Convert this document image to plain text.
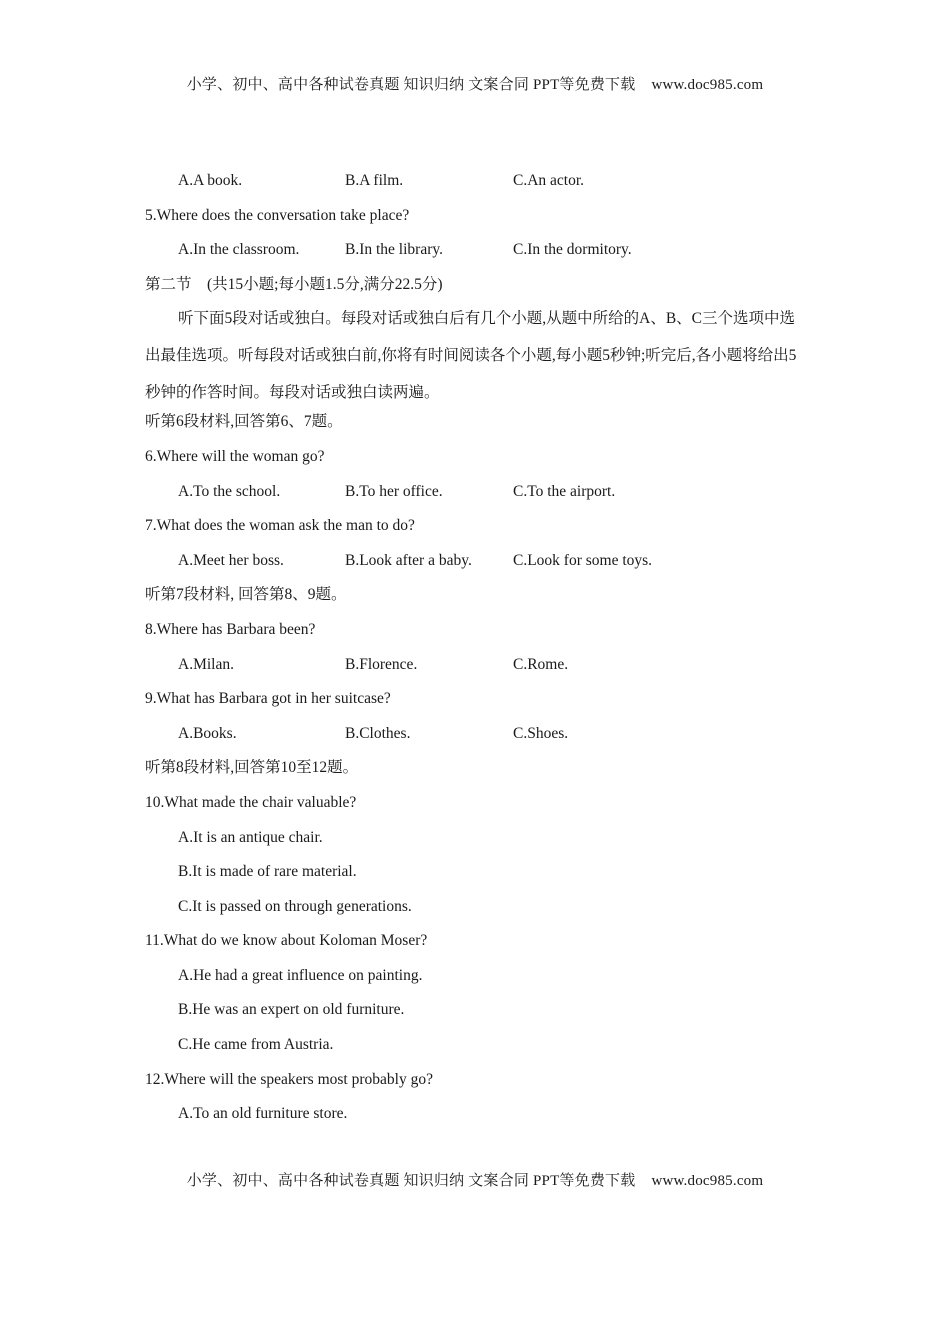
小学、初中、高中各种试卷真题 知识归纳 文案合同 PPT等免费下载 www.doc985.com
A.A book.	B.A film.	C.An actor.
5.Where does the conversation take place?
A.In the classroom.	B.In the library.	C.In the dormitory.
第二节　(共15小题;每小题1.5分,满分22.5分)
听下面5段对话或独白。每段对话或独白后有几个小题,从题中所给的A、B、C三个选项中选出最佳选项。听每段对话或独白前,你将有时间阅读各个小题,每小题5秒钟;听完后,各小题将给出5秒钟的作答时间。每段对话或独白读两遍。
听第6段材料,回答第6、7题。
6.Where will the woman go?
A.To the school.	B.To her office.	C.To the airport.
7.What does the woman ask the man to do?
A.Meet her boss.	B.Look after a baby.	C.Look for some toys.
听第7段材料, 回答第8、9题。
8.Where has Barbara been?
A.Milan.	B.Florence.	C.Rome.
9.What has Barbara got in her suitcase?
A.Books.	B.Clothes.	C.Shoes.
听第8段材料,回答第10至12题。
10.What made the chair valuable?
A.It is an antique chair.
B.It is made of rare material.
C.It is passed on through generations.
11.What do we know about Koloman Moser?
A.He had a great influence on painting.
B.He was an expert on old furniture.
C.He came from Austria.
12.Where will the speakers most probably go?
A.To an old furniture store.
小学、初中、高中各种试卷真题 知识归纳 文案合同 PPT等免费下载 www.doc985.com
